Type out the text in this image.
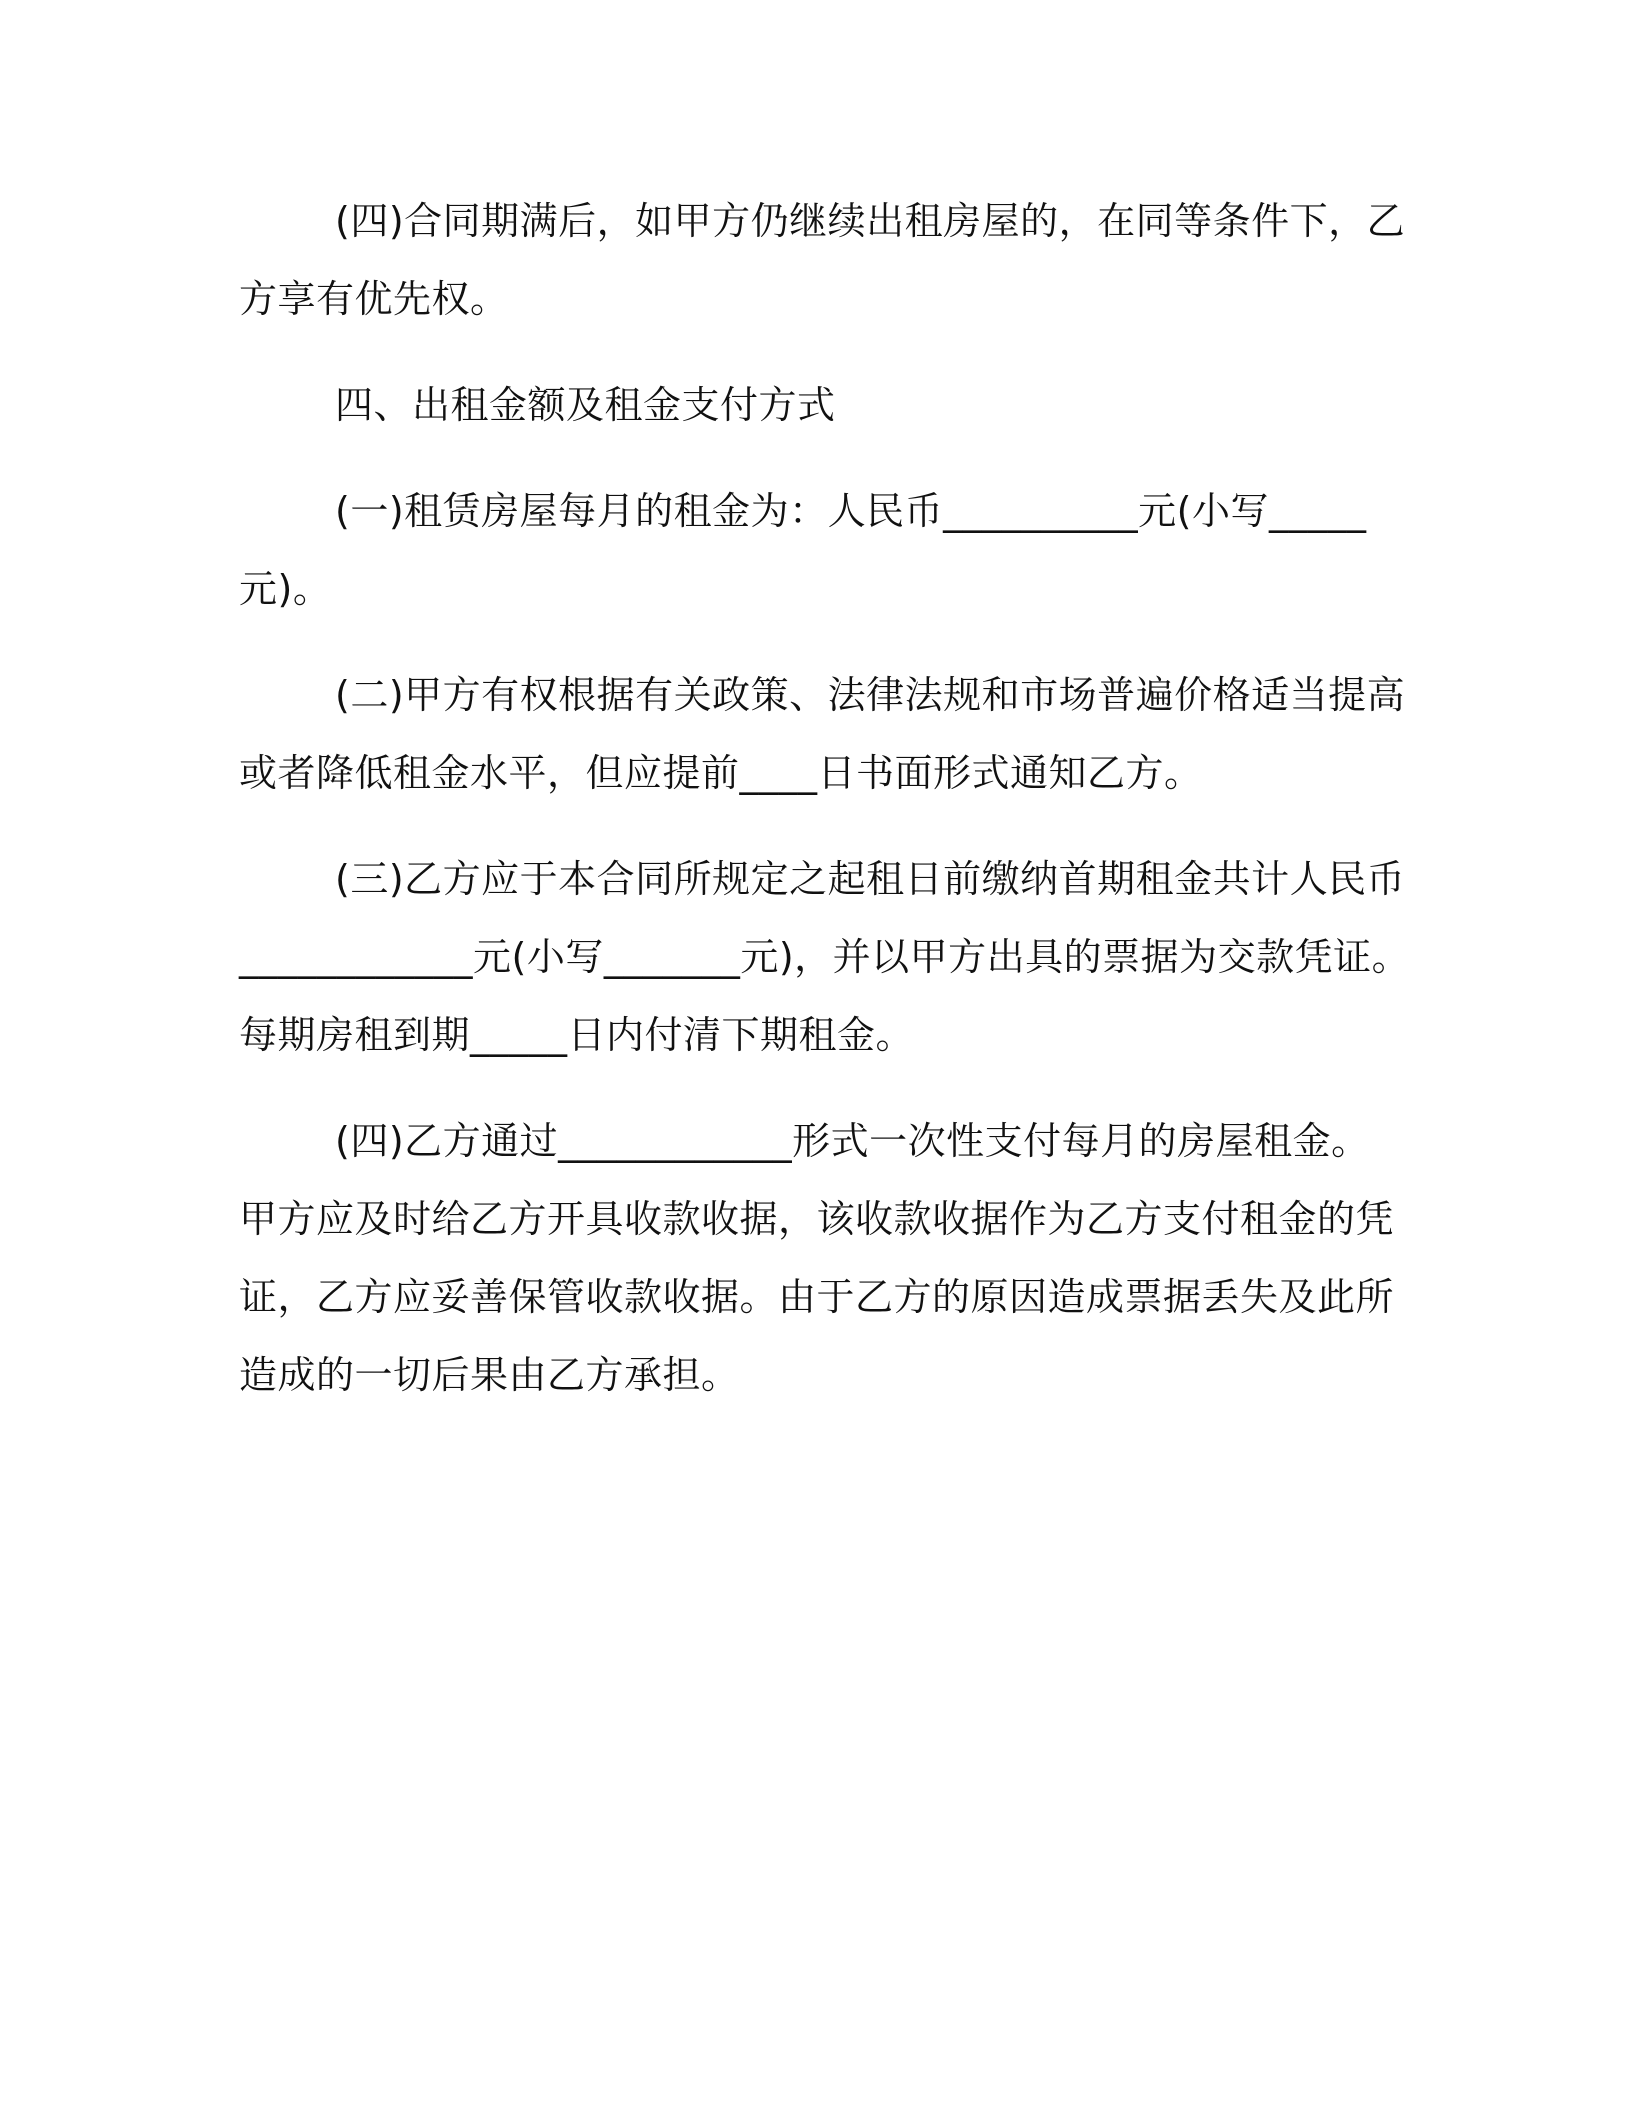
(四)合同期满后，如甲方仍继续出租房屋的，在同等条件下，乙
方享有优先权。
四、出租金额及租金支付方式
(一)租赁房屋每月的租金为：人民币__________元(小写_____
元)。
(二)甲方有权根据有关政策、法律法规和市场普遍价格适当提高
或者降低租金水平，但应提前____日书面形式通知乙方。
(三)乙方应于本合同所规定之起租日前缴纳首期租金共计人民币
____________元(小写_______元)，并以甲方出具的票据为交款凭证。
每期房租到期_____日内付清下期租金。
(四)乙方通过____________形式一次性支付每月的房屋租金。
甲方应及时给乙方开具收款收据，该收款收据作为乙方支付租金的凭
证，乙方应妥善保管收款收据。由于乙方的原因造成票据丢失及此所
造成的一切后果由乙方承担。
